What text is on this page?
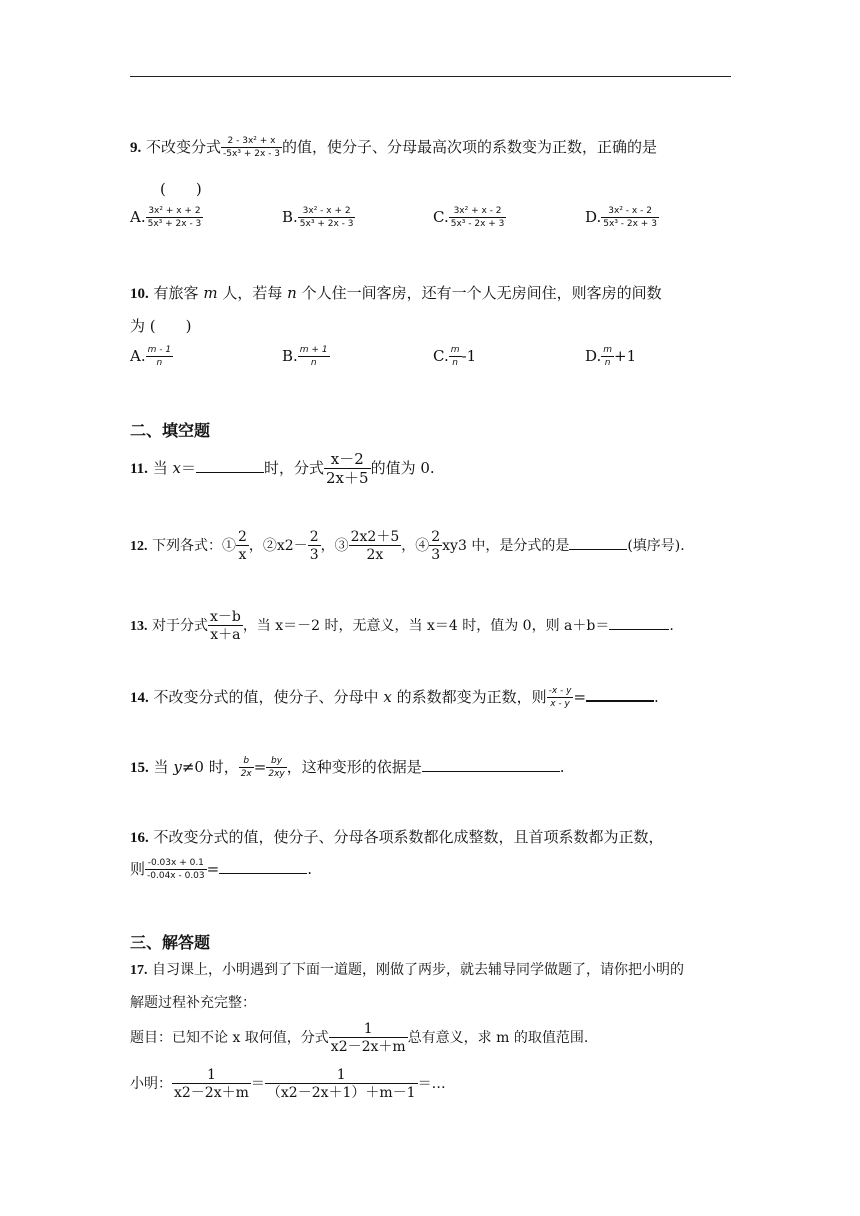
9. 不改变分式 $\frac{\text{2 - 3x² + x}}{\text{-5x³ + 2x - 3}}$ 的值，使分子、分母最高次项的系数变为正数，正确的是
(　　)
A. $\frac{\text{3x² + x + 2}}{\text{5x³ + 2x - 3}}$	B. $\frac{\text{3x² - x + 2}}{\text{5x³ + 2x - 3}}$	C. $\frac{\text{3x² + x - 2}}{\text{5x³ - 2x + 3}}$	D. $\frac{\text{3x² - x - 2}}{\text{5x³ - 2x + 3}}$
10. 有旅客 m 人，若每 n 个人住一间客房，还有一个人无房间住，则客房的间数
为 (　　)
A. $\frac{m - 1}{n}$	B. $\frac{m + 1}{n}$	C. $\frac{m}{n} -1$	D. $\frac{m}{n} +1$
二、填空题
11. 当 x＝	时，分式 $\frac{x-2}{2x+5}$ 的值为 0.
12. 下列各式：① $\frac{2}{x}$ ，②x2－ $\frac{2}{3}$ ，③ $\frac{2x2+5}{2x}$ ，④ $\frac{2}{3} xy3$ 中，是分式的是	(填序号).
13. 对于分式 $\frac{x-b}{x+a}$ ，当 x＝－2 时，无意义，当 x＝4 时，值为 0，则 a＋b＝	.
14. 不改变分式的值，使分子、分母中 x 的系数都变为正数，则 $\frac{-x - y}{x - y}$ =	.
15. 当 y≠0 时， $\frac{b}{2x} = \frac{by}{2xy}$ ，这种变形的依据是	.
16. 不改变分式的值，使分子、分母各项系数都化成整数，且首项系数都为正数，
则 $\frac{-0.03x + 0.1}{-0.04x - 0.03}$ =	.
三、解答题
17. 自习课上，小明遇到了下面一道题，刚做了两步，就去辅导同学做题了，请你把小明的
解题过程补充完整：
题目：已知不论 x 取何值，分式 $\frac{1}{x2-2x+m}$ 总有意义，求 m 的取值范围.
小明： $\frac{1}{x2-2x+m} = \frac{1}{(x2-2x+1)+m-1}$ ＝…
